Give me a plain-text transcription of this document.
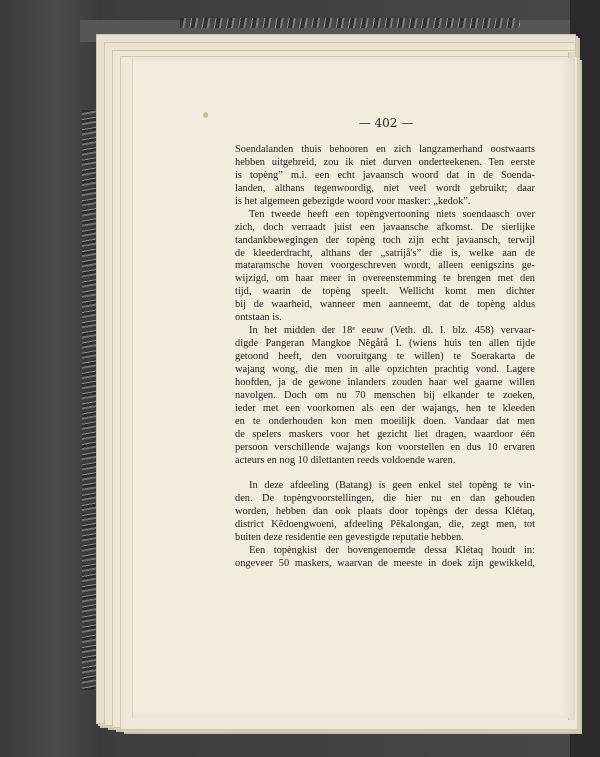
— 402 —
Soendalanden thuis behooren en zich langzamerhand oostwaarts
hebben uitgebreid, zou ik niet durven onderteekenen. Ten eerste
is topèng” m.i. een echt javaansch woord dat in de Soenda-
landen, althans tegenwoordig, niet veel wordt gebruikt; daar
is het algemeen gebezigde woord voor masker: „kedok”.
Ten tweede heeft een topèngvertooning niets soendaasch over
zich, doch verraadt juist een javaansche afkomst. De sierlijke
tandankbewegingen der topèng toch zijn echt javaansch, terwijl
de kleederdracht, althans der „satrijå's” die is, welke aan de
mataramsche hoven voorgeschreven wordt, alleen eenigszins ge-
wijzigd, om haar meer in overeenstemming te brengen met den
tijd, waarin de topèng speelt. Wellicht komt men dichter
bij de waarheid, wanneer men aanneemt, dat de topèng aldus
ontstaan is.
In het midden der 18ᵉ eeuw (Veth. dl. I. blz. 458) vervaar-
digde Pangeran Mangkoe Nĕgårå I. (wiens huis ten allen tijde
getoond heeft, den vooruitgang te willen) te Soerakarta de
wajang wong, die men in alle opzichten prachtig vond. Lagere
hoofden, ja de gewone inlanders zouden haar wel gaarne willen
navolgen. Doch om nu 70 menschen bij elkander te zoeken,
ieder met een voorkomen als een der wajangs, hen te kleeden
en te onderhouden kon men moeilijk doen. Vandaar dat men
de spelers maskers voor het gezicht liet dragen, waardoor één
persoon verschillende wajangs kon voorstellen en dus 10 ervaren
acteurs en nog 10 dilettanten reeds voldoende waren.
In deze afdeeling (Batang) is geen enkel stel topèng te vin-
den. De topèngvoorstellingen, die hier nu en dan gehouden
worden, hebben dan ook plaats door topèngs der dessa Klétaq,
district Kĕdoengwoeni, afdeeling Pĕkalongan, die, zegt men, tot
buiten deze residentie een gevestigde reputatie hebben.
Een topèngkist der bovengenoemde dessa Klétaq houdt in:
ongeveer 50 maskers, waarvan de meeste in doek zijn gewikkeld,
